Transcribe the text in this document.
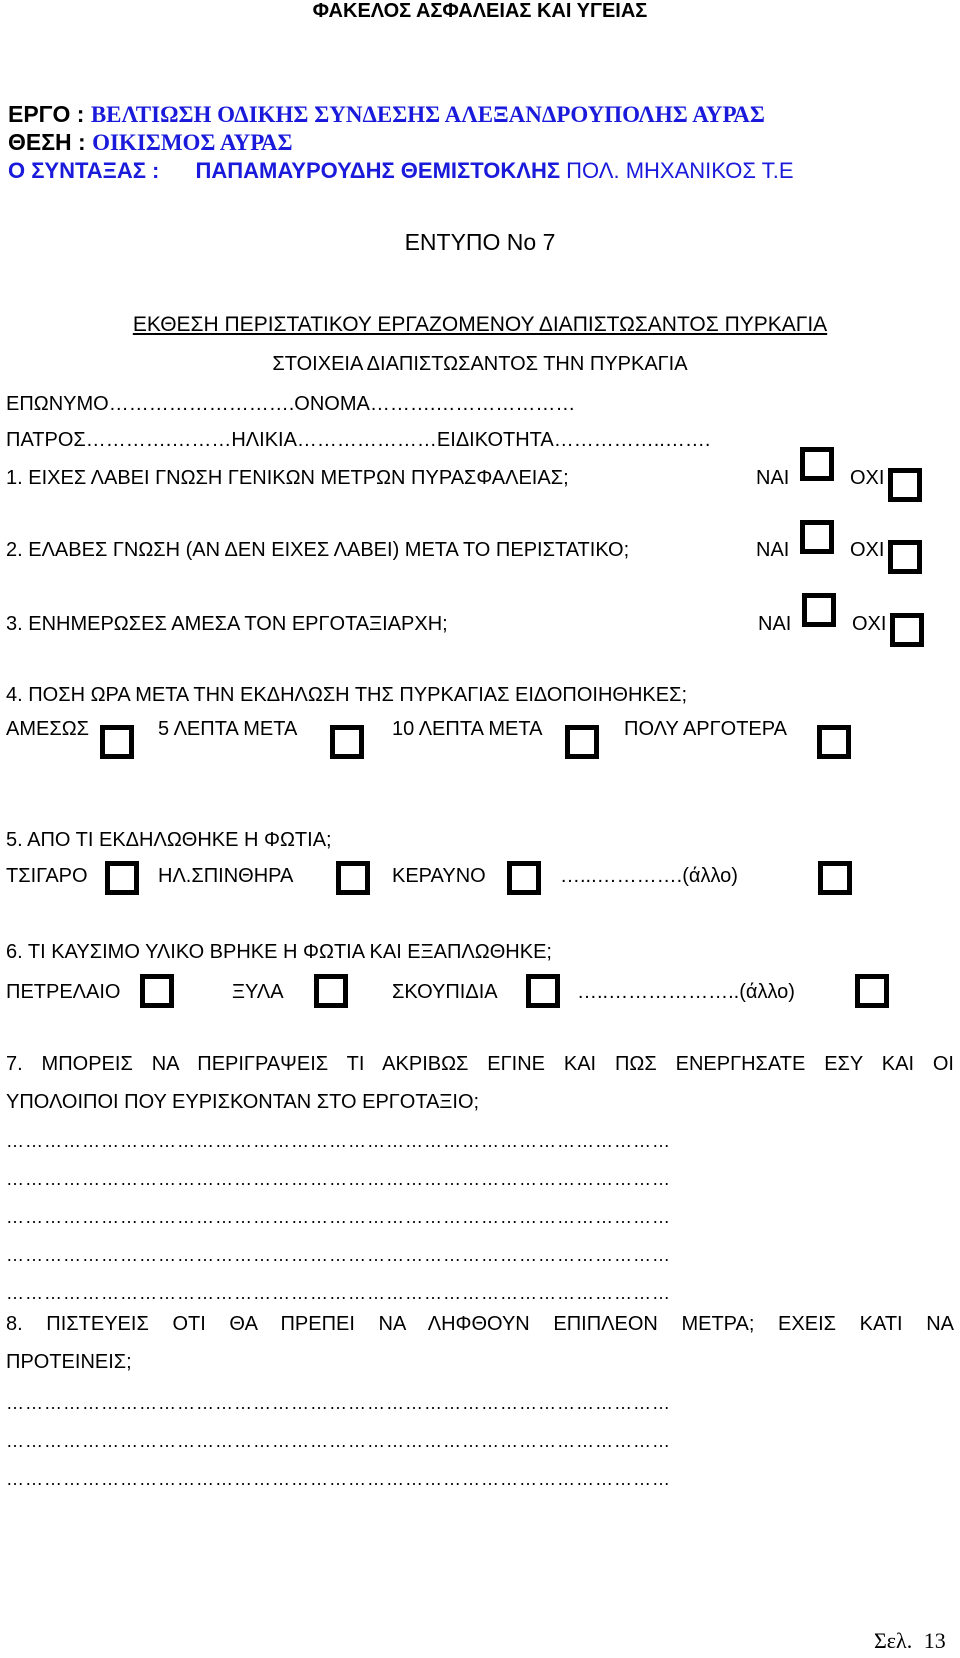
ΦΑΚΕΛΟΣ ΑΣΦΑΛΕΙΑΣ ΚΑΙ ΥΓΕΙΑΣ
ΕΡΓΟ : ΒΕΛΤΙΩΣΗ ΟΔΙΚΗΣ ΣΥΝΔΕΣΗΣ ΑΛΕΞΑΝΔΡΟΥΠΟΛΗΣ ΑΥΡΑΣ
ΘΕΣΗ : ΟΙΚΙΣΜΟΣ ΑΥΡΑΣ
Ο ΣΥΝΤΑΞΑΣ : ΠΑΠΑΜΑΥΡΟΥΔΗΣ ΘΕΜΙΣΤΟΚΛΗΣ ΠΟΛ. ΜΗΧΑΝΙΚΟΣ Τ.Ε
ΕΝΤΥΠΟ Νο 7
ΕΚΘΕΣΗ ΠΕΡΙΣΤΑΤΙΚΟΥ ΕΡΓΑΖΟΜΕΝΟΥ ΔΙΑΠΙΣΤΩΣΑΝΤΟΣ ΠΥΡΚΑΓΙΑ
ΣΤΟΙΧΕΙΑ ΔΙΑΠΙΣΤΩΣΑΝΤΟΣ ΤΗΝ ΠΥΡΚΑΓΙΑ
ΕΠΩΝΥΜΟ……………………….ΟΝΟΜΑ……….…………………
ΠΑΤΡΟΣ………….………ΗΛΙΚΙΑ…………………ΕΙΔΙΚΟΤΗΤΑ……………..…….
1. ΕΙΧΕΣ ΛΑΒΕΙ ΓΝΩΣΗ ΓΕΝΙΚΩΝ ΜΕΤΡΩΝ ΠΥΡΑΣΦΑΛΕΙΑΣ;	ΝΑΙ	ΟΧΙ
2. ΕΛΑΒΕΣ ΓΝΩΣΗ (ΑΝ ΔΕΝ ΕΙΧΕΣ ΛΑΒΕΙ) ΜΕΤΑ ΤΟ ΠΕΡΙΣΤΑΤΙΚΟ;	ΝΑΙ	ΟΧΙ
3. ΕΝΗΜΕΡΩΣΕΣ ΑΜΕΣΑ ΤΟΝ ΕΡΓΟΤΑΞΙΑΡΧΗ;	ΝΑΙ	ΟΧΙ
4. ΠΟΣΗ ΩΡΑ ΜΕΤΑ ΤΗΝ ΕΚΔΗΛΩΣΗ ΤΗΣ ΠΥΡΚΑΓΙΑΣ ΕΙΔΟΠΟΙΗΘΗΚΕΣ;
ΑΜΕΣΩΣ	5 ΛΕΠΤΑ ΜΕΤΑ	10 ΛΕΠΤΑ ΜΕΤΑ	ΠΟΛΥ ΑΡΓΟΤΕΡΑ
5. ΑΠΟ ΤΙ ΕΚΔΗΛΩΘΗΚΕ Η ΦΩΤΙΑ;
ΤΣΙΓΑΡΟ	ΗΛ.ΣΠΙΝΘΗΡΑ	ΚΕΡΑΥΝΟ	…...………….(άλλο)
6. ΤΙ ΚΑΥΣΙΜΟ ΥΛΙΚΟ ΒΡΗΚΕ Η ΦΩΤΙΑ ΚΑΙ ΕΞΑΠΛΩΘΗΚΕ;
ΠΕΤΡΕΛΑΙΟ	ΞΥΛΑ	ΣΚΟΥΠΙΔΙΑ	…..………………..(άλλο)
7. ΜΠΟΡΕΙΣ ΝΑ ΠΕΡΙΓΡΑΨΕΙΣ ΤΙ ΑΚΡΙΒΩΣ ΕΓΙΝΕ ΚΑΙ ΠΩΣ ΕΝΕΡΓΗΣΑΤΕ ΕΣΥ ΚΑΙ ΟΙ
ΥΠΟΛΟΙΠΟΙ ΠΟΥ ΕΥΡΙΣΚΟΝΤΑΝ ΣΤΟ ΕΡΓΟΤΑΞΙΟ;
……………………………………………………………………………………………
……………………………………………………………………………………………
……………………………………………………………………………………………
……………………………………………………………………………………………
……………………………………………………………………………………………
8. ΠΙΣΤΕΥΕΙΣ ΟΤΙ ΘΑ ΠΡΕΠΕΙ ΝΑ ΛΗΦΘΟΥΝ ΕΠΙΠΛΕΟΝ ΜΕΤΡΑ; ΕΧΕΙΣ ΚΑΤΙ ΝΑ
ΠΡΟΤΕΙΝΕΙΣ;
……………………………………………………………………………………………
……………………………………………………………………………………………
……………………………………………………………………………………………
Σελ. 13
